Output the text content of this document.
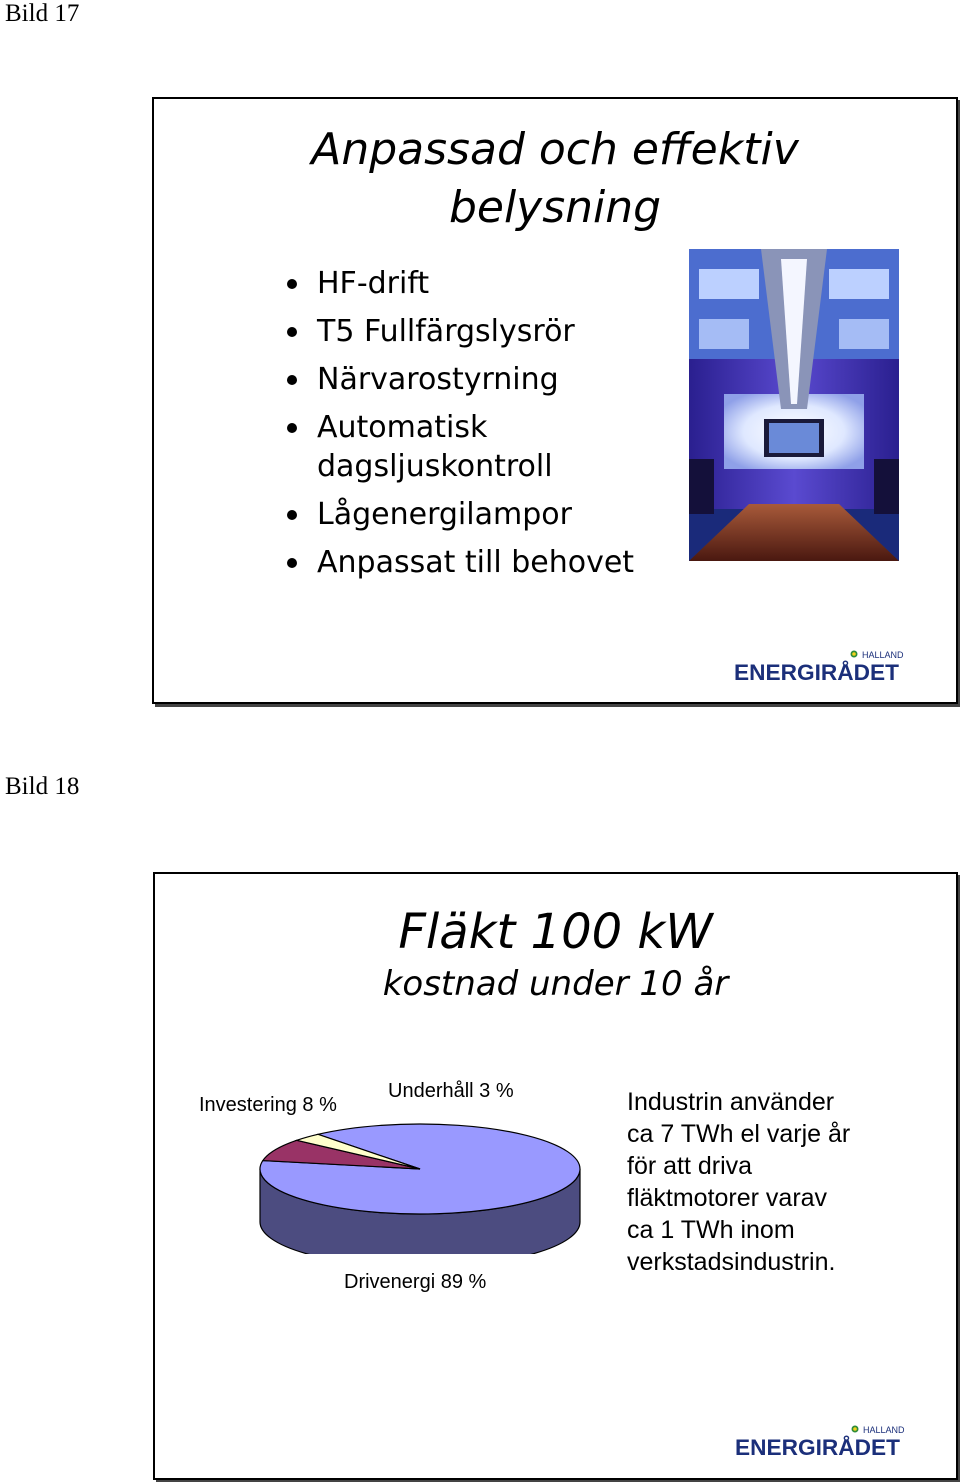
Bild 17
Anpassad och effektiv
belysning
HF-drift
T5 Fullfärgslysrör
Närvarostyrning
Automatisk dagsljuskontroll
Lågenergilampor
Anpassat till behovet
HALLAND
ENERGIRÅDET
Bild 18
Fläkt 100 kW
kostnad under 10 år
Investering 8 %
Underhåll 3 %
Drivenergi 89 %
Industrin använder
ca 7 TWh el varje år
för att driva
fläktmotorer varav
ca 1 TWh inom
verkstadsindustrin.
HALLAND
ENERGIRÅDET
